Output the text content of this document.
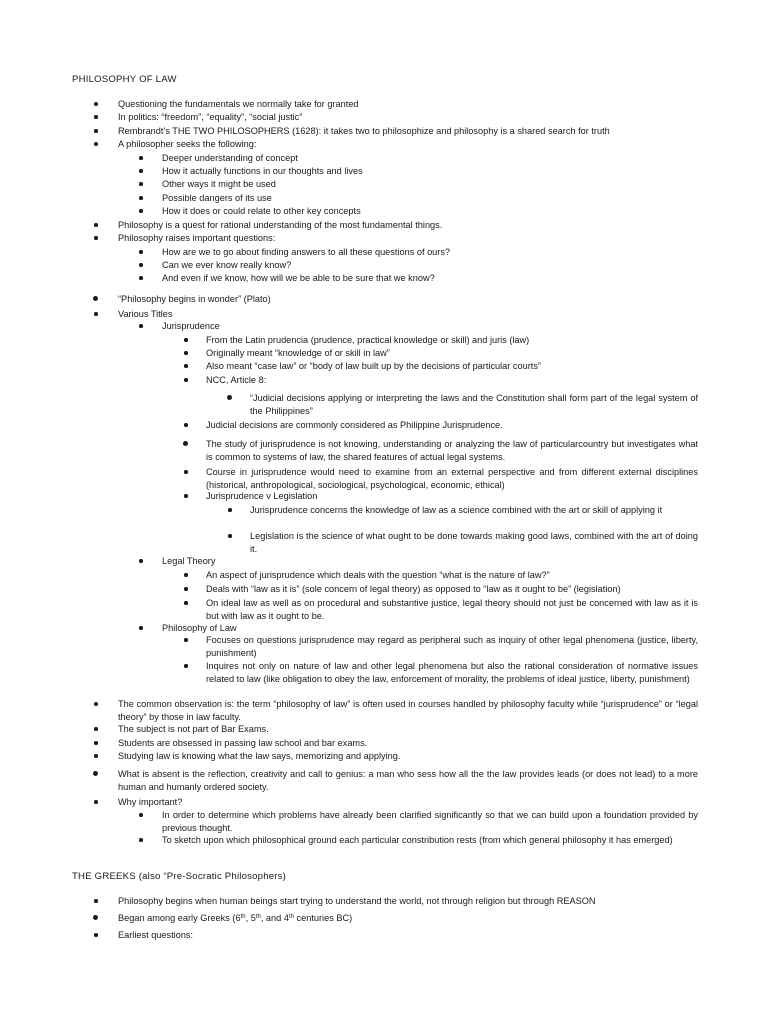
PHILOSOPHY OF LAW
Questioning the fundamentals we normally take for granted
In politics: “freedom”, “equality”, “social justic”
Rembrandt’s THE TWO PHILOSOPHERS (1628): it takes two to philosophize and philosophy is a shared search for truth
A philosopher seeks the following:
Deeper understanding of concept
How it actually functions in our thoughts and lives
Other ways it might be used
Possible dangers of its use
How it does or could relate to other key concepts
Philosophy is a quest for rational understanding of the most fundamental things.
Philosophy raises important questions:
How are we to go about finding answers to all these questions of ours?
Can we ever know really know?
And even if we know, how will we be able to be sure that we know?
“Philosophy begins in wonder” (Plato)
Various Titles
Jurisprudence
From the Latin prudencia (prudence, practical knowledge or skill) and juris (law)
Originally meant “knowledge of or skill in law”
Also meant “case law” or “body of law built up by the decisions of particular courts”
NCC, Article 8:
“Judicial decisions applying or interpreting the laws and the Constitution shall form part of the legal system of the Philippines”
Judicial decisions are commonly considered as Philippine Jurisprudence.
The study of jurisprudence is not knowing, understanding or analyzing the law of particularcountry but investigates what is common to systems of law, the shared features of actual legal systems.
Course in jurisprudence would need to examine from an external perspective and from different external disciplines (historical, anthropological, sociological, psychological, economic, ethical)
Jurisprudence v Legislation
Jurisprudence concerns the knowledge of law as a science combined with the art or skill of applying it
Legislation is the science of what ought to be done towards making good laws, combined with the art of doing it.
Legal Theory
An aspect of jurisprudence which deals with the question “what is the nature of law?”
Deals with “law as it is” (sole concern of legal theory) as opposed to “law as it ought to be” (legislation)
On ideal law as well as on procedural and substantive justice, legal theory should not just be concerned with law as it is but with law as it ought to be.
Philosophy of Law
Focuses on questions jurisprudence may regard as peripheral such as inquiry of other legal phenomena (justice, liberty, punishment)
Inquires not only on nature of law and other legal phenomena but also the rational consideration of normative issues related to law (like obligation to obey the law, enforcement of morality, the problems of ideal justice, liberty, punishment)
The common observation is: the term “philosophy of law” is often used in courses handled by philosophy faculty while “jurisprudence” or “legal theory” by those in law faculty.
The subject is not part of Bar Exams.
Students are obsessed in passing law school and bar exams.
Studying law is knowing what the law says, memorizing and applying.
What is absent is the reflection, creativity and call to genius: a man who sess how all the the law provides leads (or does not lead) to a more human and humanly ordered society.
Why important?
In order to determine which problems have already been clarified significantly so that we can build upon a foundation provided by previous thought.
To sketch upon which philosophical ground each particular constribution rests (from which general philosophy it has emerged)
THE GREEKS (also “Pre-Socratic Philosophers)
Philosophy begins when human beings start trying to understand the world, not through religion but through REASON
Began among early Greeks (6th, 5th, and 4th centuries BC)
Earliest questions:
